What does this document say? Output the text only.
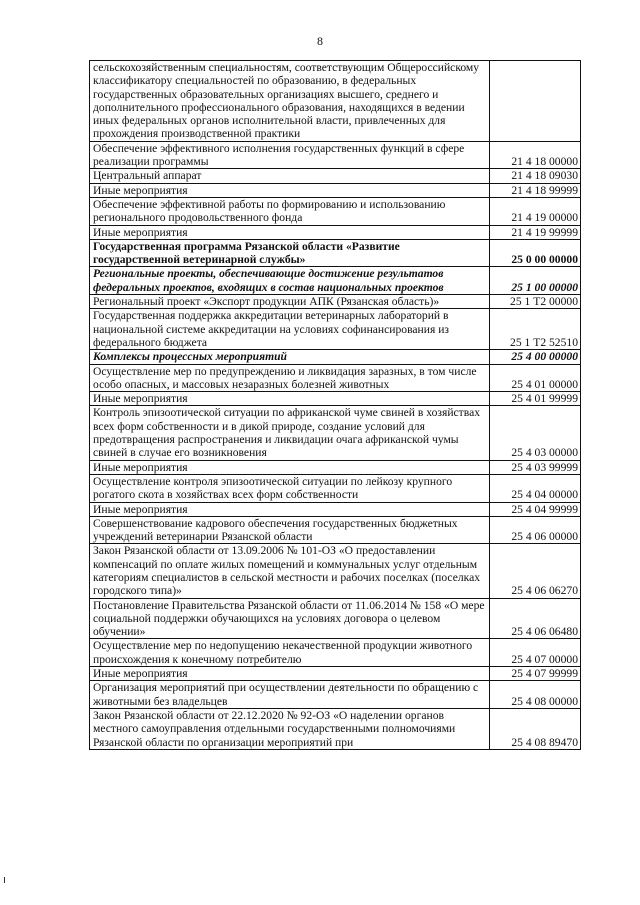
8
сельскохозяйственным специальностям, соответствующим Общероссийскому классификатору специальностей по образованию, в федеральных государственных образовательных организациях высшего, среднего и дополнительного профессионального образования, находящихся в ведении иных федеральных органов исполнительной власти, привлеченных для прохождения производственной практики	
Обеспечение эффективного исполнения государственных функций в сфере реализации программы	21 4 18 00000
Центральный аппарат	21 4 18 09030
Иные мероприятия	21 4 18 99999
Обеспечение эффективной работы по формированию и использованию регионального продовольственного фонда	21 4 19 00000
Иные мероприятия	21 4 19 99999
Государственная программа Рязанской области «Развитие государственной ветеринарной службы»	25 0 00 00000
Региональные проекты, обеспечивающие достижение результатов федеральных проектов, входящих в состав национальных проектов	25 1 00 00000
Региональный проект «Экспорт продукции АПК (Рязанская область)»	25 1 Т2 00000
Государственная поддержка аккредитации ветеринарных лабораторий в национальной системе аккредитации на условиях софинансирования из федерального бюджета	25 1 Т2 52510
Комплексы процессных мероприятий	25 4 00 00000
Осуществление мер по предупреждению и ликвидация заразных, в том числе особо опасных, и массовых незаразных болезней животных	25 4 01 00000
Иные мероприятия	25 4 01 99999
Контроль эпизоотической ситуации по африканской чуме свиней в хозяйствах всех форм собственности и в дикой природе, создание условий для предотвращения распространения и ликвидации очага африканской чумы свиней в случае его возникновения	25 4 03 00000
Иные мероприятия	25 4 03 99999
Осуществление контроля эпизоотической ситуации по лейкозу крупного рогатого скота в хозяйствах всех форм собственности	25 4 04 00000
Иные мероприятия	25 4 04 99999
Совершенствование кадрового обеспечения государственных бюджетных учреждений ветеринарии Рязанской области	25 4 06 00000
Закон Рязанской области от 13.09.2006 № 101-ОЗ «О предоставлении компенсаций по оплате жилых помещений и коммунальных услуг отдельным категориям специалистов в сельской местности и рабочих поселках (поселках городского типа)»	25 4 06 06270
Постановление Правительства Рязанской области от 11.06.2014 № 158 «О мере социальной поддержки обучающихся на условиях договора о целевом обучении»	25 4 06 06480
Осуществление мер по недопущению некачественной продукции животного происхождения к конечному потребителю	25 4 07 00000
Иные мероприятия	25 4 07 99999
Организация мероприятий при осуществлении деятельности по обращению с животными без владельцев	25 4 08 00000
Закон Рязанской области от 22.12.2020 № 92-ОЗ «О наделении органов местного самоуправления отдельными государственными полномочиями Рязанской области по организации мероприятий при	25 4 08 89470
